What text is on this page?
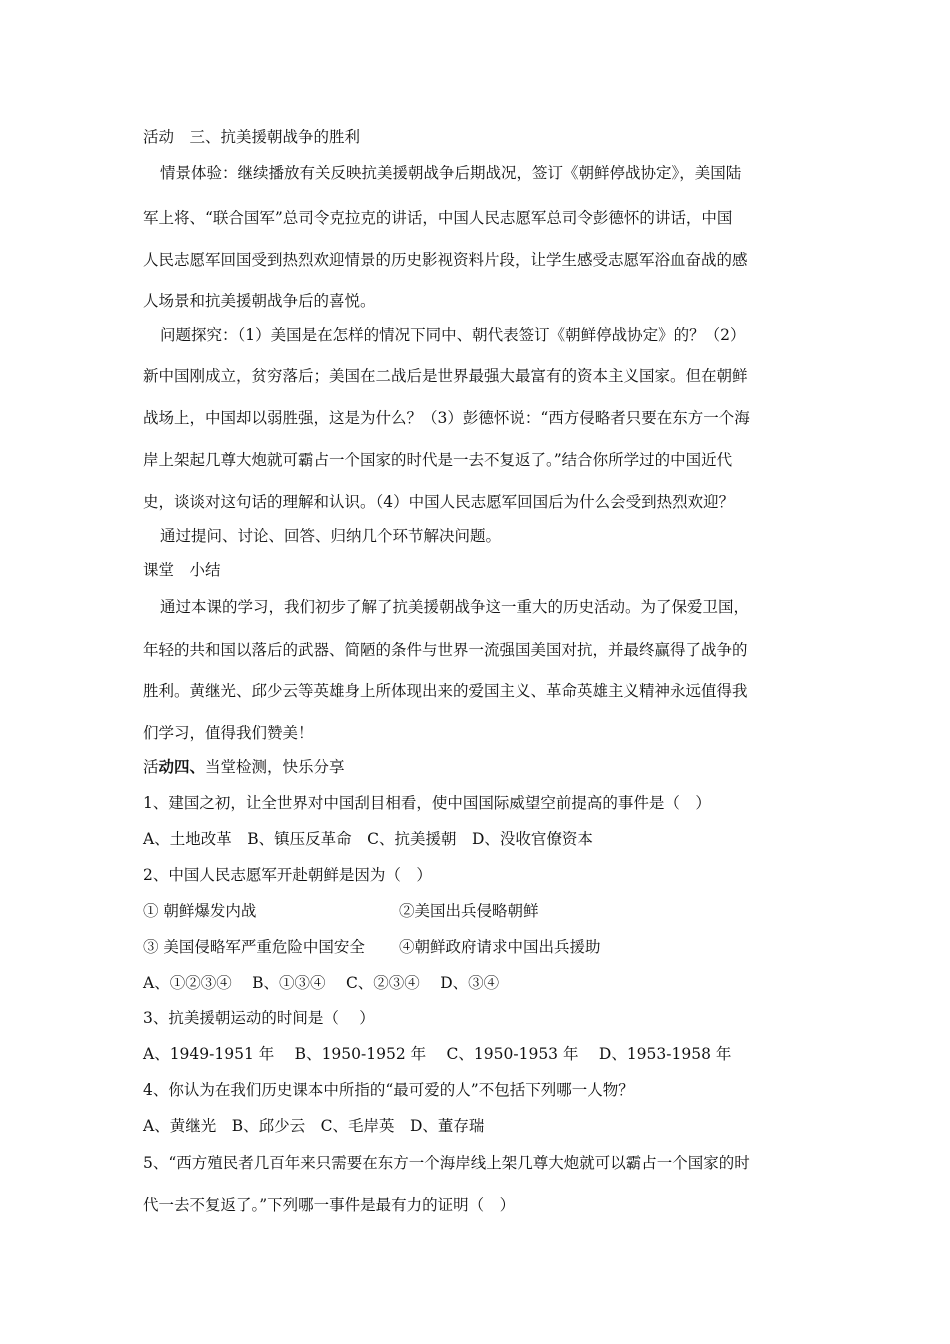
活动　三、抗美援朝战争的胜利
情景体验：继续播放有关反映抗美援朝战争后期战况，签订《朝鲜停战协定》，美国陆
军上将、“联合国军”总司令克拉克的讲话，中国人民志愿军总司令彭德怀的讲话，中国
人民志愿军回国受到热烈欢迎情景的历史影视资料片段，让学生感受志愿军浴血奋战的感
人场景和抗美援朝战争后的喜悦。
问题探究：（1）美国是在怎样的情况下同中、朝代表签订《朝鲜停战协定》的？（2）
新中国刚成立，贫穷落后；美国在二战后是世界最强大最富有的资本主义国家。但在朝鲜
战场上，中国却以弱胜强，这是为什么？（3）彭德怀说：“西方侵略者只要在东方一个海
岸上架起几尊大炮就可霸占一个国家的时代是一去不复返了。”结合你所学过的中国近代
史，谈谈对这句话的理解和认识。（4）中国人民志愿军回国后为什么会受到热烈欢迎？
通过提问、讨论、回答、归纳几个环节解决问题。
课堂　小结
通过本课的学习，我们初步了解了抗美援朝战争这一重大的历史活动。为了保爱卫国，
年轻的共和国以落后的武器、简陋的条件与世界一流强国美国对抗，并最终赢得了战争的
胜利。黄继光、邱少云等英雄身上所体现出来的爱国主义、革命英雄主义精神永远值得我
们学习，值得我们赞美！
活动四、当堂检测，快乐分享
1、建国之初，让全世界对中国刮目相看，使中国国际威望空前提高的事件是（　）
A、土地改革　B、镇压反革命　C、抗美援朝　D、没收官僚资本
2、中国人民志愿军开赴朝鲜是因为（　）
① 朝鲜爆发内战	②美国出兵侵略朝鲜
③ 美国侵略军严重危险中国安全	④朝鲜政府请求中国出兵援助
A、①②③④　 B、①③④　 C、②③④　 D、③④
3、抗美援朝运动的时间是（　 ）
A、1949-1951 年　 B、1950-1952 年　 C、1950-1953 年　 D、1953-1958 年
4、你认为在我们历史课本中所指的“最可爱的人”不包括下列哪一人物？
A、黄继光　B、邱少云　C、毛岸英　D、董存瑞
5、“西方殖民者几百年来只需要在东方一个海岸线上架几尊大炮就可以霸占一个国家的时
代一去不复返了。”下列哪一事件是最有力的证明（　）
